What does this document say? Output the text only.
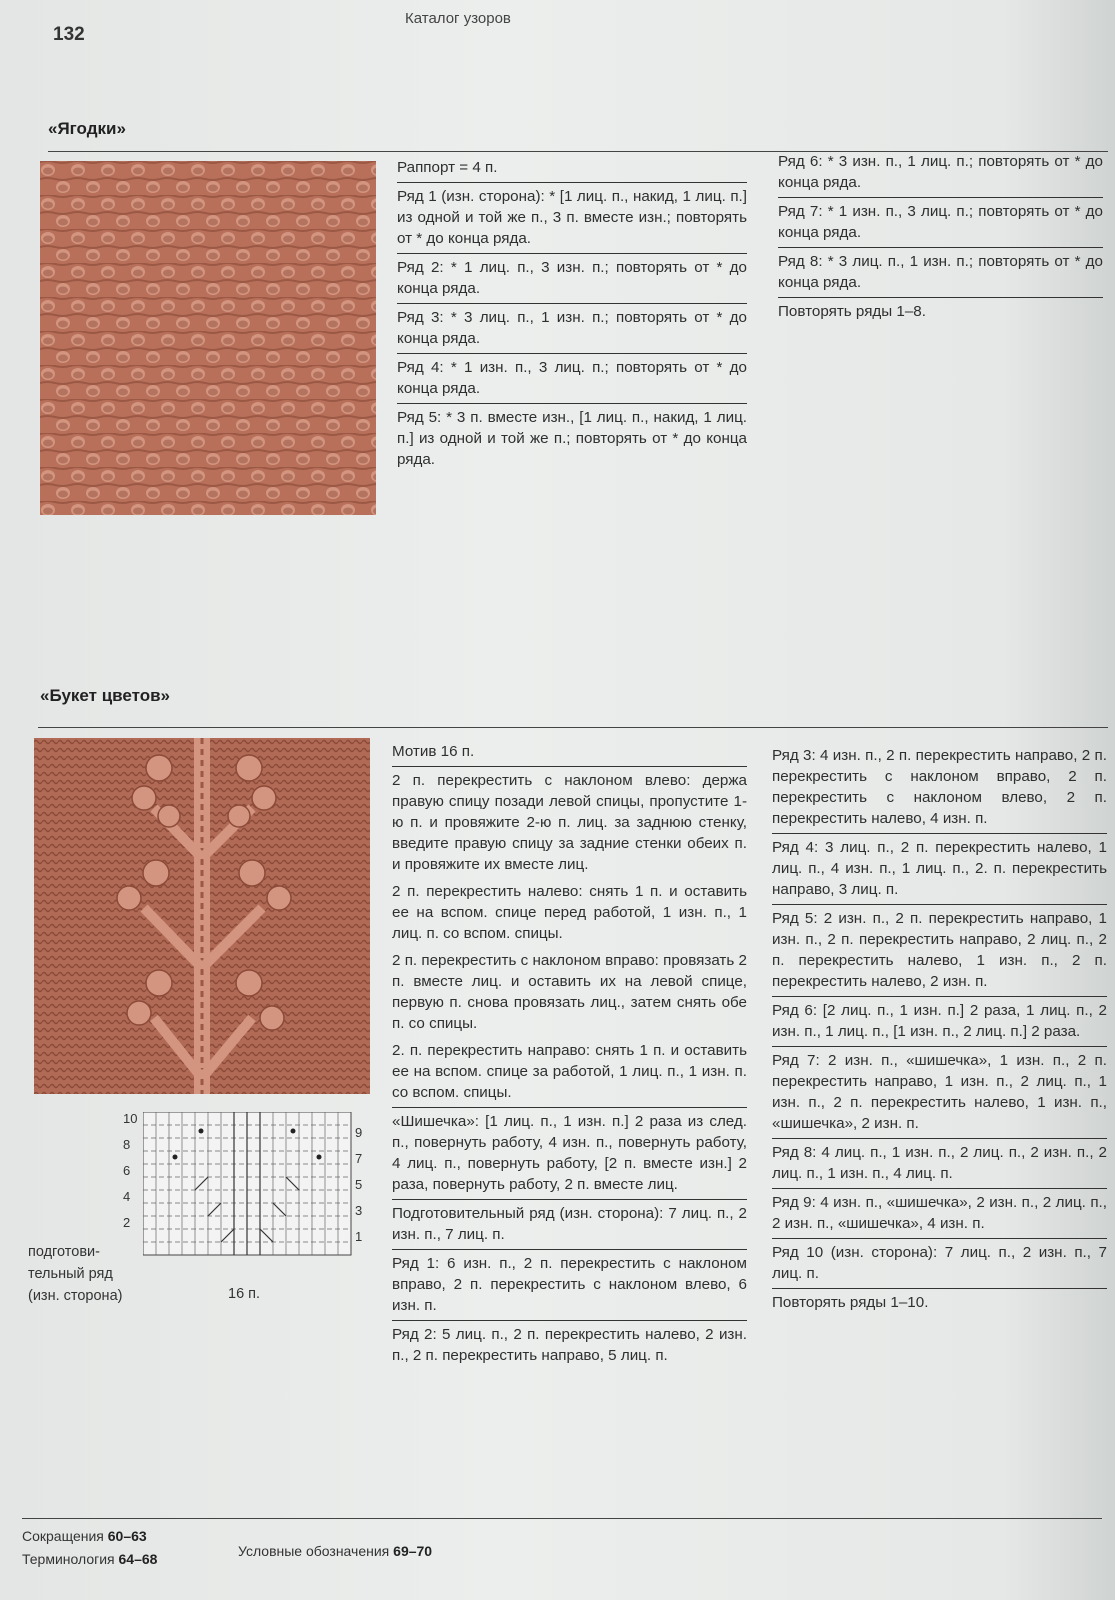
132
Каталог узоров
«Ягодки»

Раппорт = 4 п.

Ряд 1 (изн. сторона): * [1 лиц. п., накид, 1 лиц. п.] из одной и той же п., 3 п. вместе изн.; повторять от * до конца ряда.

Ряд 2: * 1 лиц. п., 3 изн. п.; повторять от * до конца ряда.

Ряд 3: * 3 лиц. п., 1 изн. п.; повторять от * до конца ряда.

Ряд 4: * 1 изн. п., 3 лиц. п.; повторять от * до конца ряда.

Ряд 5: * 3 п. вместе изн., [1 лиц. п., накид, 1 лиц. п.] из одной и той же п.; повторять от * до конца ряда.

Ряд 6: * 3 изн. п., 1 лиц. п.; повторять от * до конца ряда.

Ряд 7: * 1 изн. п., 3 лиц. п.; повторять от * до конца ряда.

Ряд 8: * 3 лиц. п., 1 изн. п.; повторять от * до конца ряда.

Повторять ряды 1–8.

«Букет цветов»
10
8
6
4
2
9
7
5
3
1
подготови-
тельный ряд
(изн. сторона)	16 п.

Мотив 16 п.

2 п. перекрестить с наклоном влево: держа правую спицу позади левой спицы, пропустите 1-ю п. и провяжите 2-ю п. лиц. за заднюю стенку, введите правую спицу за задние стенки обеих п. и провяжите их вместе лиц.

2 п. перекрестить налево: снять 1 п. и оставить ее на вспом. спице перед работой, 1 изн. п., 1 лиц. п. со вспом. спицы.

2 п. перекрестить с наклоном вправо: провязать 2 п. вместе лиц. и оставить их на левой спице, первую п. снова провязать лиц., затем снять обе п. со спицы.

2. п. перекрестить направо: снять 1 п. и оставить ее на вспом. спице за работой, 1 лиц. п., 1 изн. п. со вспом. спицы.

«Шишечка»: [1 лиц. п., 1 изн. п.] 2 раза из след. п., повернуть работу, 4 изн. п., повернуть работу, 4 лиц. п., повернуть работу, [2 п. вместе изн.] 2 раза, повернуть работу, 2 п. вместе лиц.

Подготовительный ряд (изн. сторона): 7 лиц. п., 2 изн. п., 7 лиц. п.

Ряд 1: 6 изн. п., 2 п. перекрестить с наклоном вправо, 2 п. перекрестить с наклоном влево, 6 изн. п.

Ряд 2: 5 лиц. п., 2 п. перекрестить налево, 2 изн. п., 2 п. перекрестить направо, 5 лиц. п.

Ряд 3: 4 изн. п., 2 п. перекрестить направо, 2 п. перекрестить с наклоном вправо, 2 п. перекрестить с наклоном влево, 2 п. перекрестить налево, 4 изн. п.

Ряд 4: 3 лиц. п., 2 п. перекрестить налево, 1 лиц. п., 4 изн. п., 1 лиц. п., 2. п. перекрестить направо, 3 лиц. п.

Ряд 5: 2 изн. п., 2 п. перекрестить направо, 1 изн. п., 2 п. перекрестить направо, 2 лиц. п., 2 п. перекрестить налево, 1 изн. п., 2 п. перекрестить налево, 2 изн. п.

Ряд 6: [2 лиц. п., 1 изн. п.] 2 раза, 1 лиц. п., 2 изн. п., 1 лиц. п., [1 изн. п., 2 лиц. п.] 2 раза.

Ряд 7: 2 изн. п., «шишечка», 1 изн. п., 2 п. перекрестить направо, 1 изн. п., 2 лиц. п., 1 изн. п., 2 п. перекрестить налево, 1 изн. п., «шишечка», 2 изн. п.

Ряд 8: 4 лиц. п., 1 изн. п., 2 лиц. п., 2 изн. п., 2 лиц. п., 1 изн. п., 4 лиц. п.

Ряд 9: 4 изн. п., «шишечка», 2 изн. п., 2 лиц. п., 2 изн. п., «шишечка», 4 изн. п.

Ряд 10 (изн. сторона): 7 лиц. п., 2 изн. п., 7 лиц. п.

Повторять ряды 1–10.

Сокращения 60–63
Терминология 64–68	Условные обозначения 69–70
